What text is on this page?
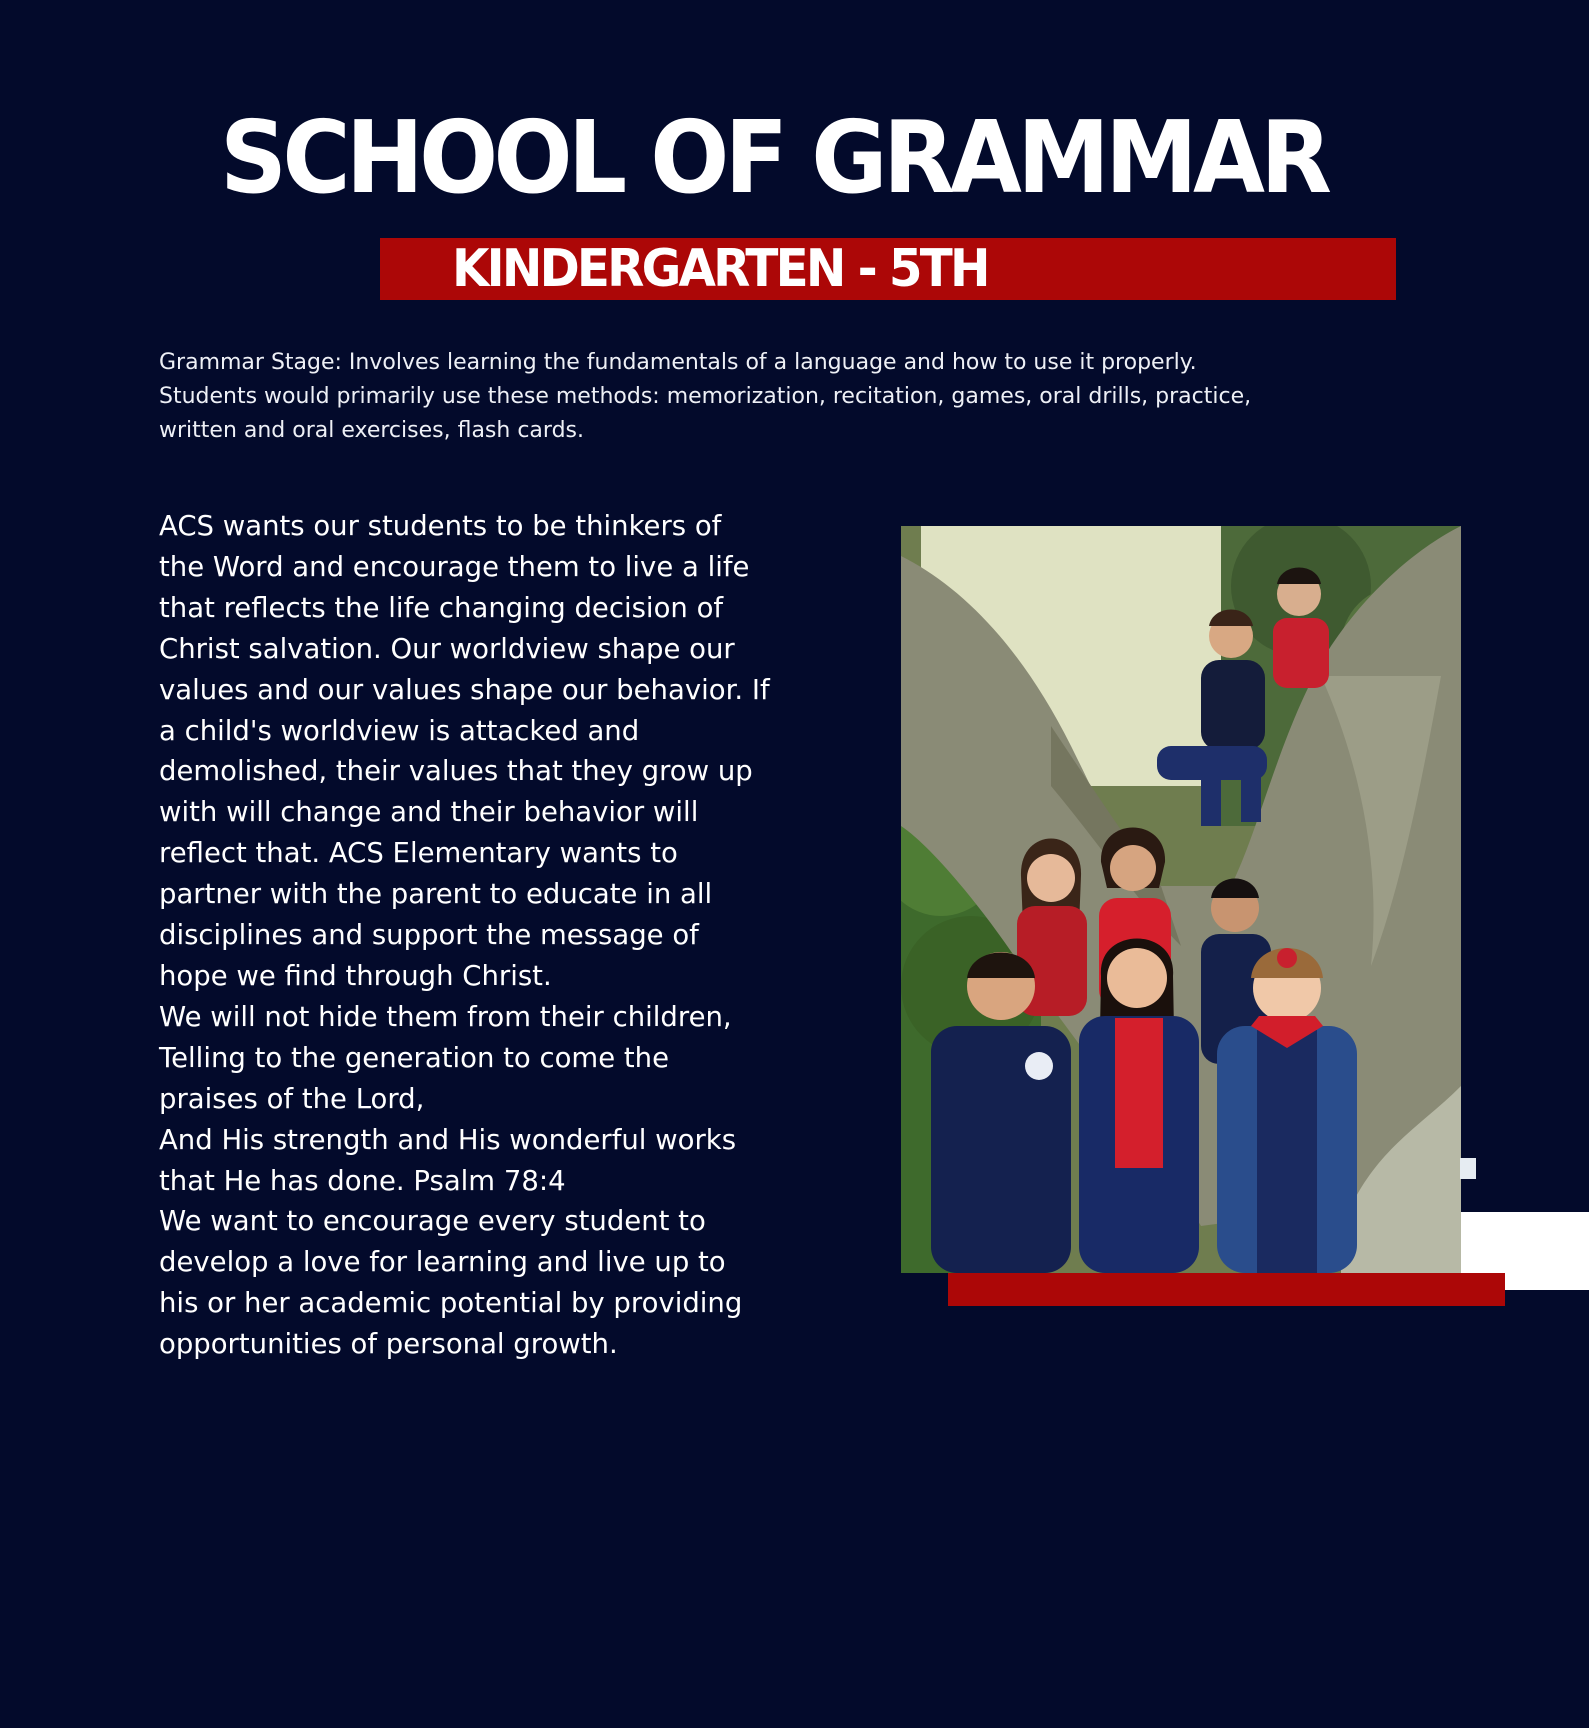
SCHOOL OF GRAMMAR
KINDERGARTEN - 5TH

Grammar Stage: Involves learning the fundamentals of a language and how to use it properly.

Students would primarily use these methods: memorization, recitation, games, oral drills, practice,

written and oral exercises, flash cards.

ACS wants our students to be thinkers of

the Word and encourage them to live a life

that reflects the life changing decision of

Christ salvation. Our worldview shape our

values and our values shape our behavior. If

a child's worldview is attacked and

demolished, their values that they grow up

with will change and their behavior will

reflect that. ACS Elementary wants to

partner with the parent to educate in all

disciplines and support the message of

hope we find through Christ.

We will not hide them from their children,

Telling to the generation to come the

praises of the Lord,

And His strength and His wonderful works

that He has done. Psalm 78:4

We want to encourage every student to

develop a love for learning and live up to

his or her academic potential by providing

opportunities of personal growth.
